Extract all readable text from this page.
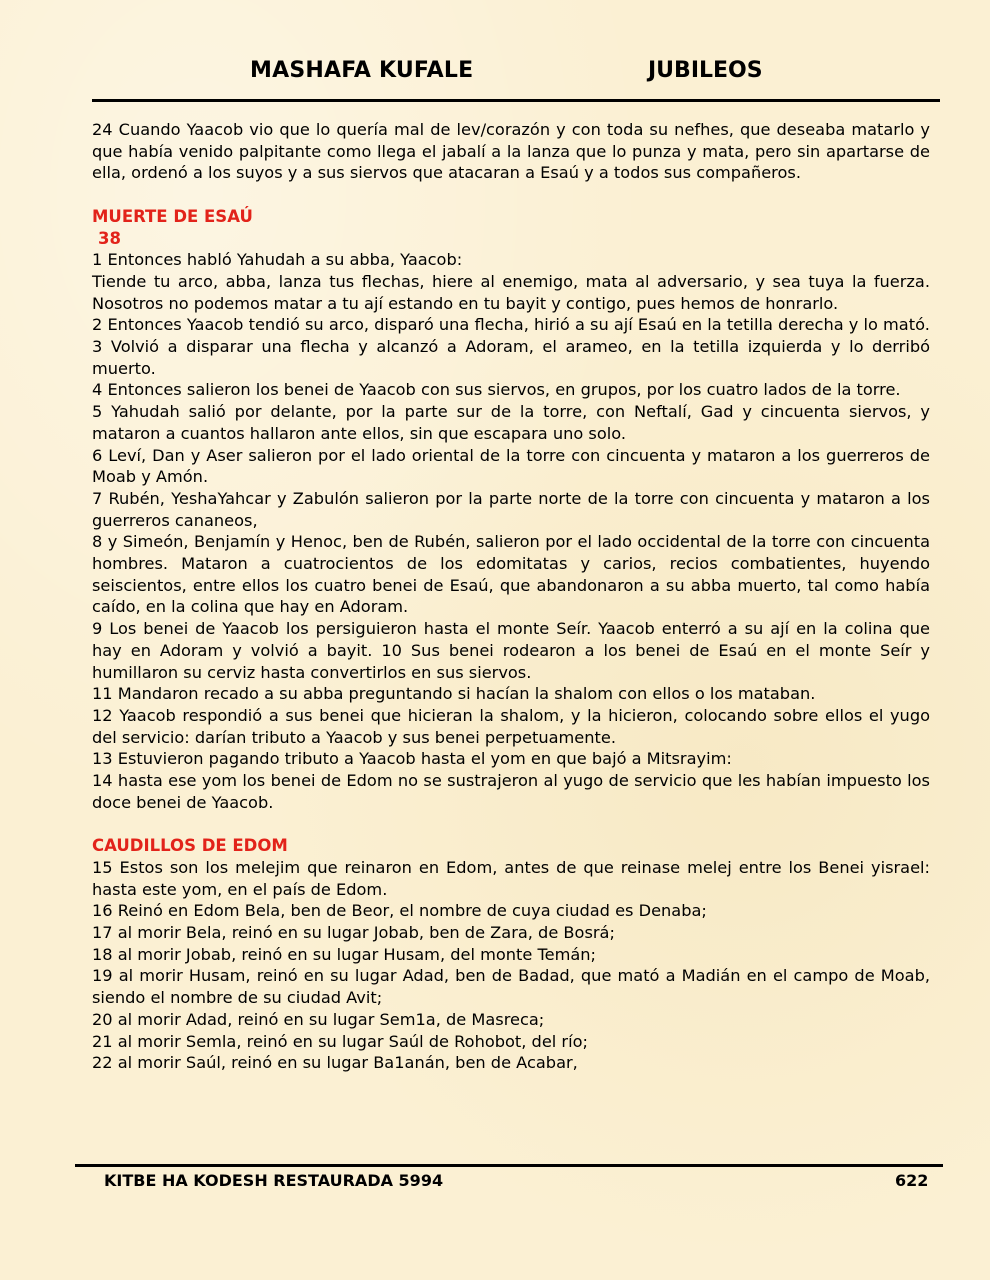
MASHAFA KUFALE	JUBILEOS

24 Cuando Yaacob vio que lo quería mal de lev/corazón y con toda su nefhes, que deseaba matarlo y que había venido palpitante como llega el jabalí a la lanza que lo punza y mata, pero sin apartarse de ella, ordenó a los suyos y a sus siervos que atacaran a Esaú y a todos sus compañeros.

MUERTE DE ESAÚ

38

1 Entonces habló Yahudah a su abba, Yaacob:

Tiende tu arco, abba, lanza tus flechas, hiere al enemigo, mata al adversario, y sea tuya la fuerza. Nosotros no podemos matar a tu ají estando en tu bayit y contigo, pues hemos de honrarlo.

2 Entonces Yaacob tendió su arco, disparó una flecha, hirió a su ají Esaú en la tetilla derecha y lo mató.

3 Volvió a disparar una flecha y alcanzó a Adoram, el arameo, en la tetilla izquierda y lo derribó muerto.

4 Entonces salieron los benei de Yaacob con sus siervos, en grupos, por los cuatro lados de la torre.

5 Yahudah salió por delante, por la parte sur de la torre, con Neftalí, Gad y cincuenta siervos, y mataron a cuantos hallaron ante ellos, sin que escapara uno solo.

6 Leví, Dan y Aser salieron por el lado oriental de la torre con cincuenta y mataron a los guerreros de Moab y Amón.

7 Rubén, YeshaYahcar y Zabulón salieron por la parte norte de la torre con cincuenta y mataron a los guerreros cananeos,

8 y Simeón, Benjamín y Henoc, ben de Rubén, salieron por el lado occidental de la torre con cincuenta hombres. Mataron a cuatrocientos de los edomitatas y carios, recios combatientes, huyendo seiscientos, entre ellos los cuatro benei de Esaú, que abandonaron a su abba muerto, tal como había caído, en la colina que hay en Adoram.

9 Los benei de Yaacob los persiguieron hasta el monte Seír. Yaacob enterró a su ají en la colina que hay en Adoram y volvió a bayit. 10 Sus benei rodearon a los benei de Esaú en el monte Seír y humillaron su cerviz hasta convertirlos en sus siervos.

11 Mandaron recado a su abba preguntando si hacían la shalom con ellos o los mataban.

12 Yaacob respondió a sus benei que hicieran la shalom, y la hicieron, colocando sobre ellos el yugo del servicio: darían tributo a Yaacob y sus benei perpetuamente.

13 Estuvieron pagando tributo a Yaacob hasta el yom en que bajó a Mitsrayim:

14 hasta ese yom los benei de Edom no se sustrajeron al yugo de servicio que les habían impuesto los doce benei de Yaacob.

CAUDILLOS DE EDOM

15 Estos son los melejim que reinaron en Edom, antes de que reinase melej entre los Benei yisrael: hasta este yom, en el país de Edom.

16 Reinó en Edom Bela, ben de Beor, el nombre de cuya ciudad es Denaba;

17 al morir Bela, reinó en su lugar Jobab, ben de Zara, de Bosrá;

18 al morir Jobab, reinó en su lugar Husam, del monte Temán;

19 al morir Husam, reinó en su lugar Adad, ben de Badad, que mató a Madián en el campo de Moab, siendo el nombre de su ciudad Avit;

20 al morir Adad, reinó en su lugar Sem1a, de Masreca;

21 al morir Semla, reinó en su lugar Saúl de Rohobot, del río;

22 al morir Saúl, reinó en su lugar Ba1anán, ben de Acabar,

KITBE HA KODESH RESTAURADA 5994	622
